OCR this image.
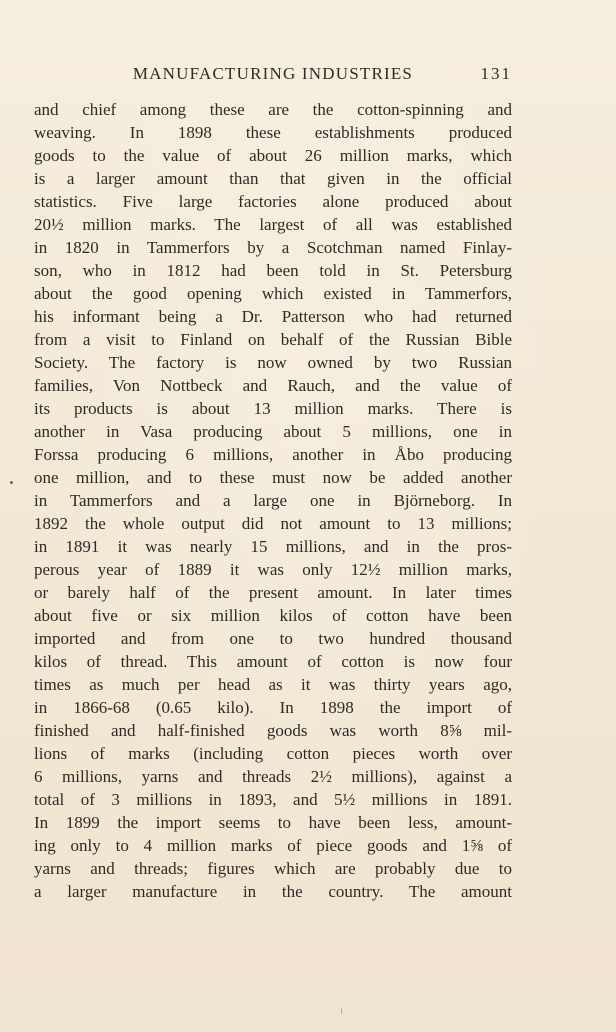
MANUFACTURING INDUSTRIES	131
and chief among these are the cotton-spinning and
weaving. In 1898 these establishments produced
goods to the value of about 26 million marks, which
is a larger amount than that given in the official
statistics. Five large factories alone produced about
20½ million marks. The largest of all was established
in 1820 in Tammerfors by a Scotchman named Finlay-
son, who in 1812 had been told in St. Petersburg
about the good opening which existed in Tammerfors,
his informant being a Dr. Patterson who had returned
from a visit to Finland on behalf of the Russian Bible
Society. The factory is now owned by two Russian
families, Von Nottbeck and Rauch, and the value of
its products is about 13 million marks. There is
another in Vasa producing about 5 millions, one in
Forssa producing 6 millions, another in Åbo producing
one million, and to these must now be added another
in Tammerfors and a large one in Björneborg. In
1892 the whole output did not amount to 13 millions;
in 1891 it was nearly 15 millions, and in the pros-
perous year of 1889 it was only 12½ million marks,
or barely half of the present amount. In later times
about five or six million kilos of cotton have been
imported and from one to two hundred thousand
kilos of thread. This amount of cotton is now four
times as much per head as it was thirty years ago,
in 1866-68 (0.65 kilo). In 1898 the import of
finished and half-finished goods was worth 8⅝ mil-
lions of marks (including cotton pieces worth over
6 millions, yarns and threads 2½ millions), against a
total of 3 millions in 1893, and 5½ millions in 1891.
In 1899 the import seems to have been less, amount-
ing only to 4 million marks of piece goods and 1⅝ of
yarns and threads; figures which are probably due to
a larger manufacture in the country. The amount
